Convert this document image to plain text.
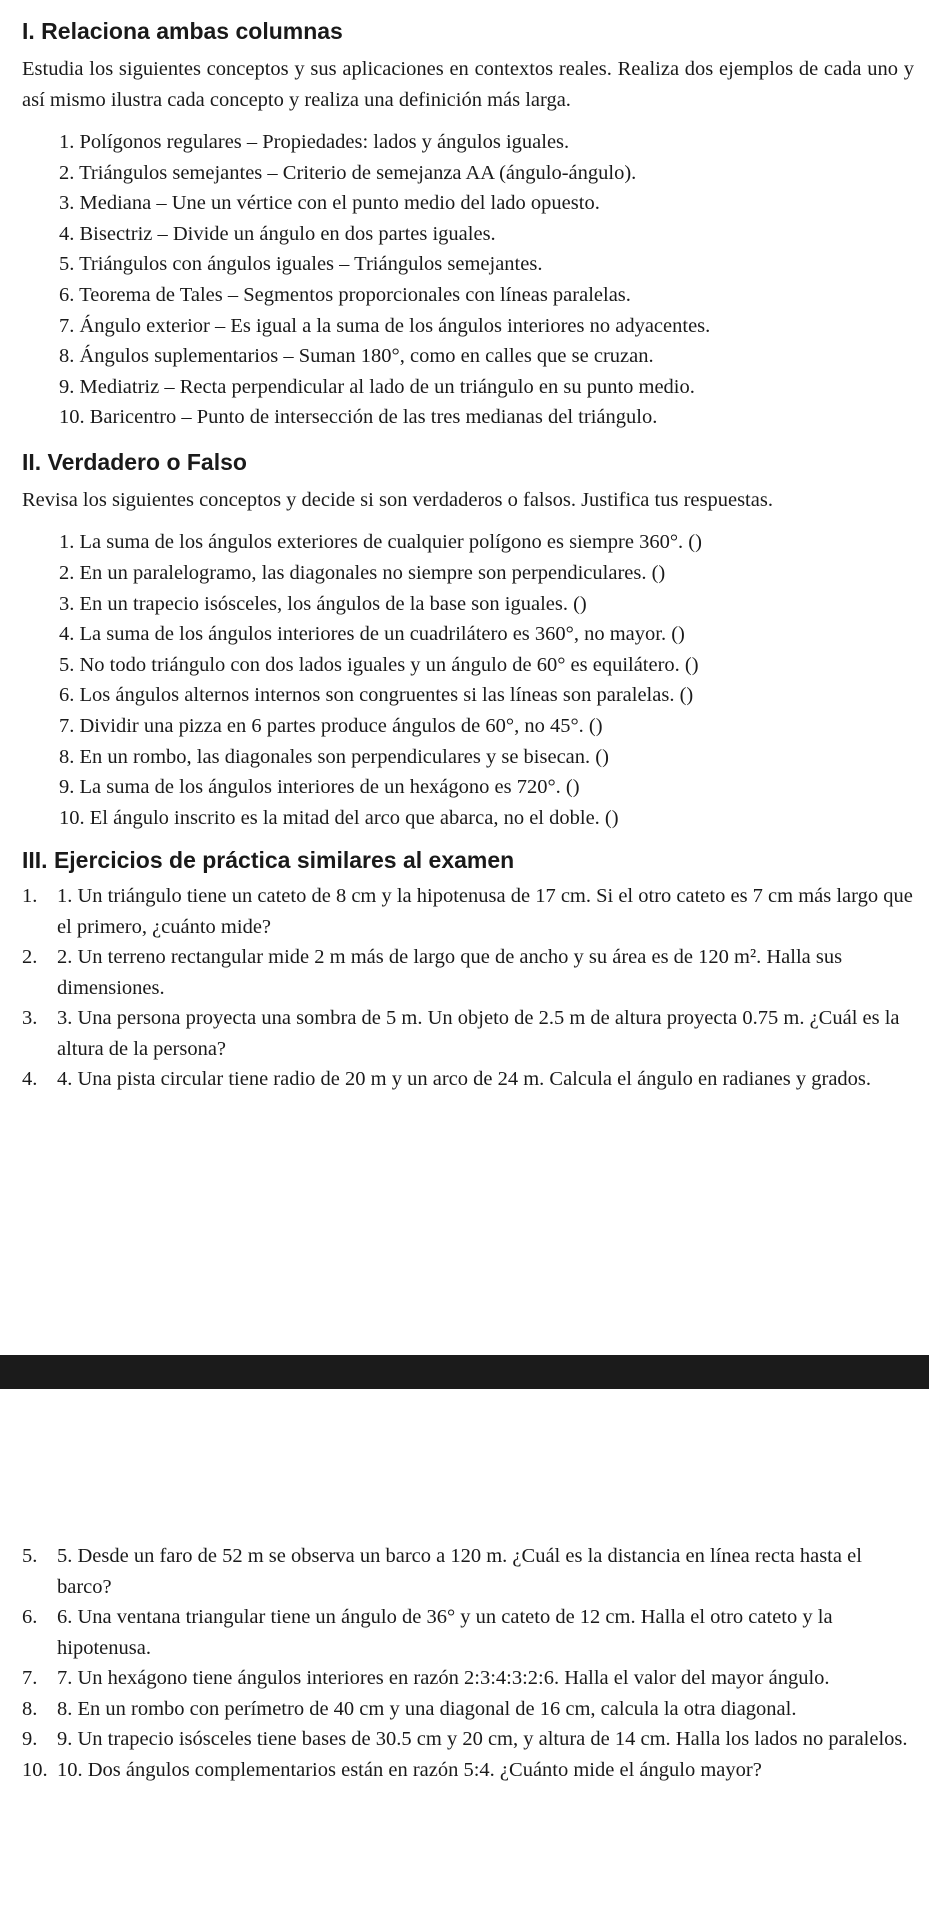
I. Relaciona ambas columnas

Estudia los siguientes conceptos y sus aplicaciones en contextos reales. Realiza dos ejemplos de cada uno y así mismo ilustra cada concepto y realiza una definición más larga.

1. Polígonos regulares – Propiedades: lados y ángulos iguales.
2. Triángulos semejantes – Criterio de semejanza AA (ángulo-ángulo).
3. Mediana – Une un vértice con el punto medio del lado opuesto.
4. Bisectriz – Divide un ángulo en dos partes iguales.
5. Triángulos con ángulos iguales – Triángulos semejantes.
6. Teorema de Tales – Segmentos proporcionales con líneas paralelas.
7. Ángulo exterior – Es igual a la suma de los ángulos interiores no adyacentes.
8. Ángulos suplementarios – Suman 180°, como en calles que se cruzan.
9. Mediatriz – Recta perpendicular al lado de un triángulo en su punto medio.
10. Baricentro – Punto de intersección de las tres medianas del triángulo.
II. Verdadero o Falso

Revisa los siguientes conceptos y decide si son verdaderos o falsos. Justifica tus respuestas.

1. La suma de los ángulos exteriores de cualquier polígono es siempre 360°. ()
2. En un paralelogramo, las diagonales no siempre son perpendiculares. ()
3. En un trapecio isósceles, los ángulos de la base son iguales. ()
4. La suma de los ángulos interiores de un cuadrilátero es 360°, no mayor. ()
5. No todo triángulo con dos lados iguales y un ángulo de 60° es equilátero. ()
6. Los ángulos alternos internos son congruentes si las líneas son paralelas. ()
7. Dividir una pizza en 6 partes produce ángulos de 60°, no 45°. ()
8. En un rombo, las diagonales son perpendiculares y se bisecan. ()
9. La suma de los ángulos interiores de un hexágono es 720°. ()
10. El ángulo inscrito es la mitad del arco que abarca, no el doble. ()
III. Ejercicios de práctica similares al examen
1. 1. Un triángulo tiene un cateto de 8 cm y la hipotenusa de 17 cm. Si el otro cateto es 7 cm más largo que el primero, ¿cuánto mide?
2. 2. Un terreno rectangular mide 2 m más de largo que de ancho y su área es de 120 m². Halla sus dimensiones.
3. 3. Una persona proyecta una sombra de 5 m. Un objeto de 2.5 m de altura proyecta 0.75 m. ¿Cuál es la altura de la persona?
4. 4. Una pista circular tiene radio de 20 m y un arco de 24 m. Calcula el ángulo en radianes y grados.
5. 5. Desde un faro de 52 m se observa un barco a 120 m. ¿Cuál es la distancia en línea recta hasta el barco?
6. 6. Una ventana triangular tiene un ángulo de 36° y un cateto de 12 cm. Halla el otro cateto y la hipotenusa.
7. 7. Un hexágono tiene ángulos interiores en razón 2:3:4:3:2:6. Halla el valor del mayor ángulo.
8. 8. En un rombo con perímetro de 40 cm y una diagonal de 16 cm, calcula la otra diagonal.
9. 9. Un trapecio isósceles tiene bases de 30.5 cm y 20 cm, y altura de 14 cm. Halla los lados no paralelos.
10. 10. Dos ángulos complementarios están en razón 5:4. ¿Cuánto mide el ángulo mayor?
